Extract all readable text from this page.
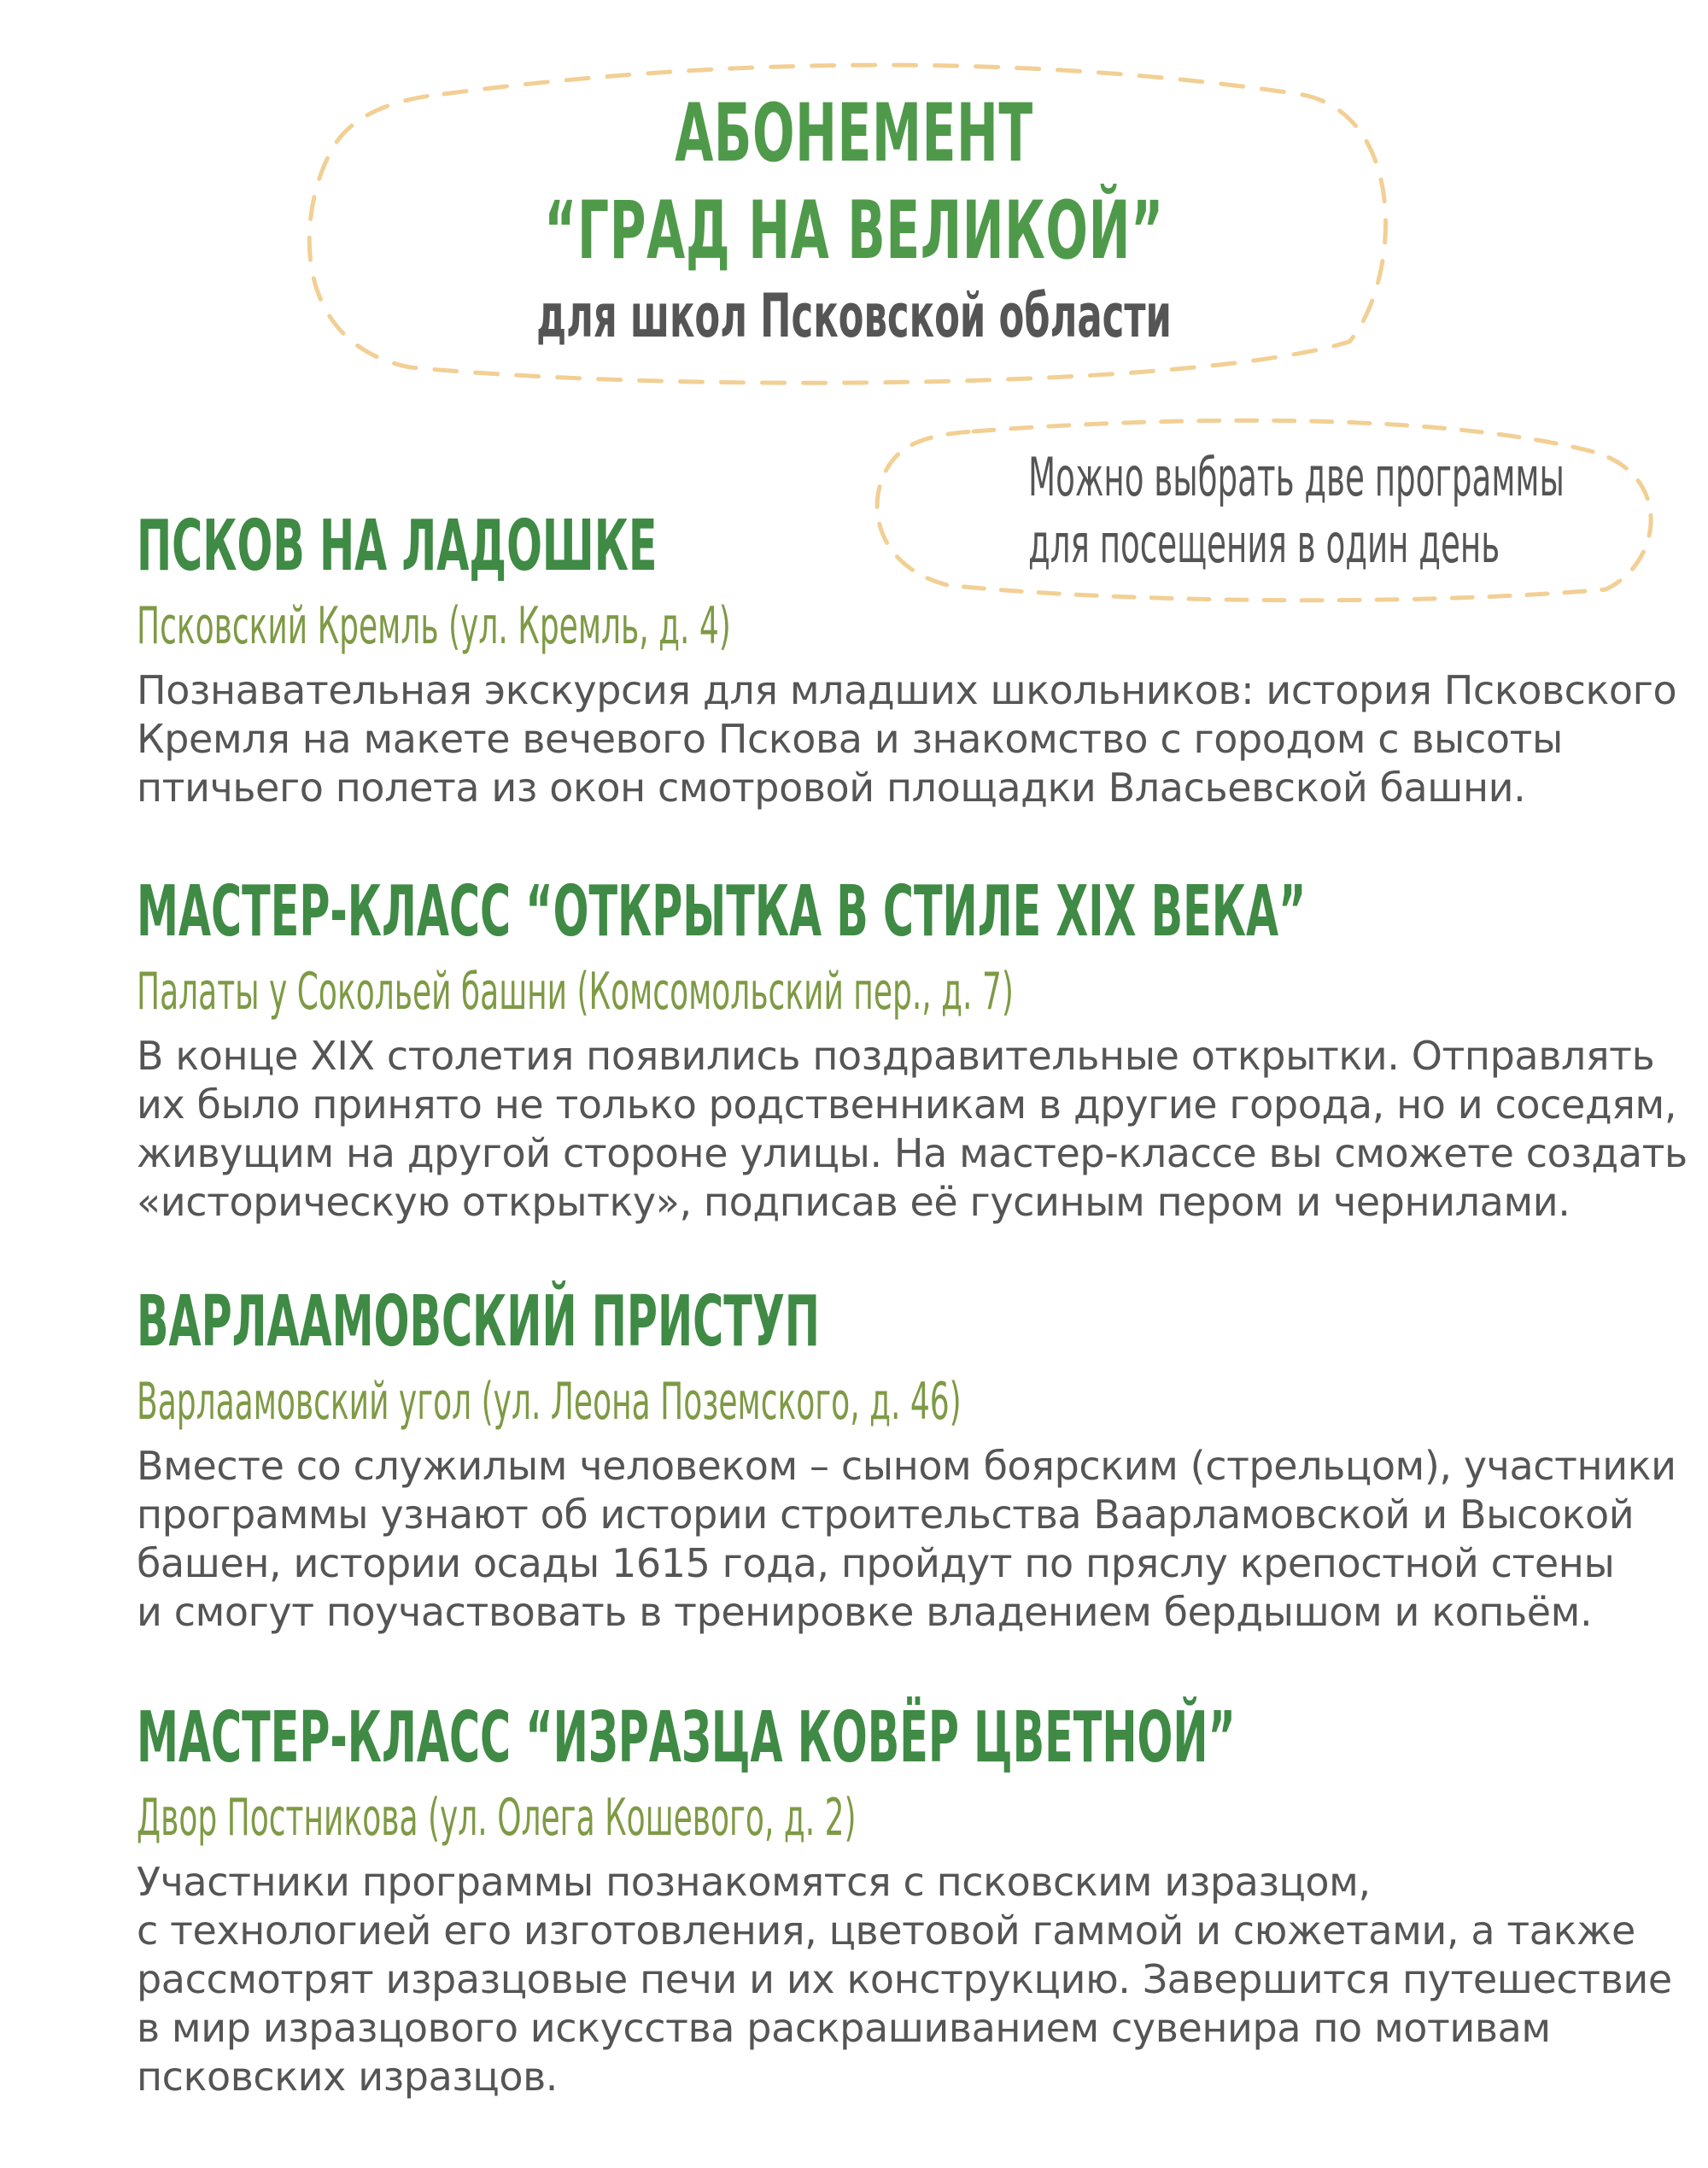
АБОНЕМЕНТ
“ГРАД НА ВЕЛИКОЙ”
для школ Псковской области
Можно выбрать две программы
для посещения в один день
ПСКОВ НА ЛАДОШКЕ
Псковский Кремль (ул. Кремль, д. 4)
Познавательная экскурсия для младших школьников: история Псковского
Кремля на макете вечевого Пскова и знакомство с городом с высоты
птичьего полета из окон смотровой площадки Власьевской башни.
МАСТЕР-КЛАСС “ОТКРЫТКА В СТИЛЕ XIX ВЕКА”
Палаты у Сокольей башни (Комсомольский пер., д. 7)
В конце XIX столетия появились поздравительные открытки. Отправлять
их было принято не только родственникам в другие города, но и соседям,
живущим на другой стороне улицы. На мастер-классе вы сможете создать
«историческую открытку», подписав её гусиным пером и чернилами.
ВАРЛААМОВСКИЙ ПРИСТУП
Варлаамовский угол (ул. Леона Поземского, д. 46)
Вместе со служилым человеком – сыном боярским (стрельцом), участники
программы узнают об истории строительства Ваарламовской и Высокой
башен, истории осады 1615 года, пройдут по пряслу крепостной стены
и смогут поучаствовать в тренировке владением бердышом и копьём.
МАСТЕР-КЛАСС “ИЗРАЗЦА КОВЁР ЦВЕТНОЙ”
Двор Постникова (ул. Олега Кошевого, д. 2)
Участники программы познакомятся с псковским изразцом,
с технологией его изготовления, цветовой гаммой и сюжетами, а также
рассмотрят изразцовые печи и их конструкцию. Завершится путешествие
в мир изразцового искусства раскрашиванием сувенира по мотивам
псковских изразцов.
